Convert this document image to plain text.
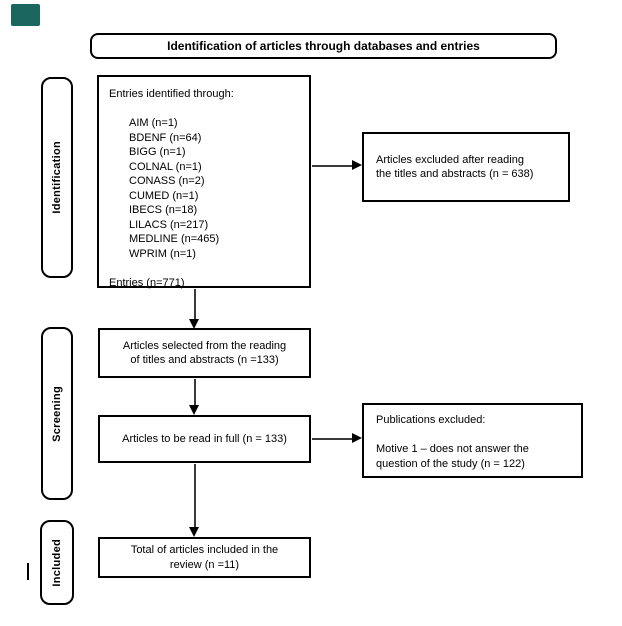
Identification of articles through databases and entries
Identification
Screening
Included
Entries identified through:
AIM (n=1)
BDENF (n=64)
BIGG (n=1)
COLNAL (n=1)
CONASS (n=2)
CUMED (n=1)
IBECS (n=18)
LILACS (n=217)
MEDLINE (n=465)
WPRIM (n=1)
Entries (n=771)
Articles excluded after reading
the titles and abstracts (n = 638)
Articles selected from the reading
of titles and abstracts (n =133)
Articles to be read in full (n = 133)
Publications excluded:
Motive 1 – does not answer the
question of the study (n = 122)
Total of articles included in the
review (n =11)
